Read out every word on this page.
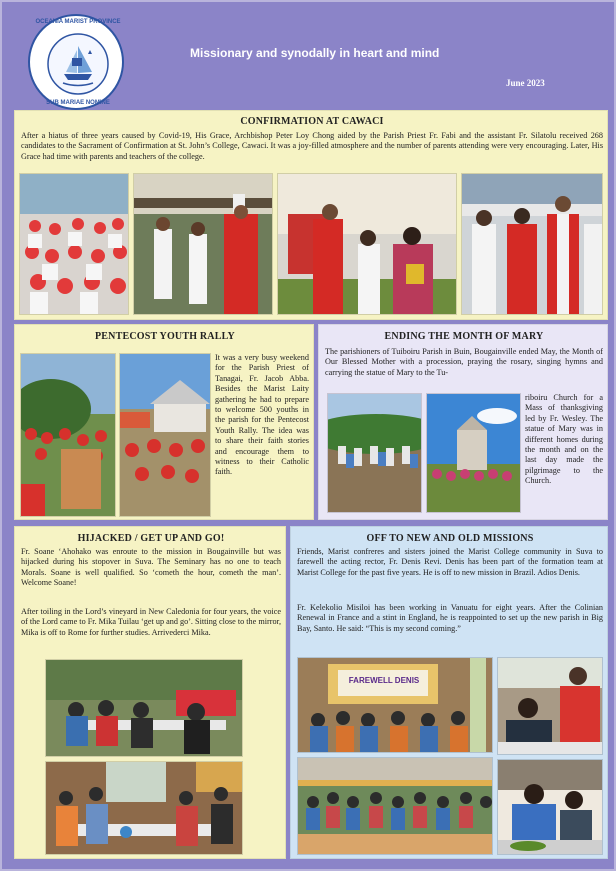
OCEANIA MARIST PROVINCE
SUB MARIAE NOMINE
Missionary and synodally in heart and mind
June 2023
CONFIRMATION AT CAWACI
After a hiatus of three years caused by Covid-19, His Grace, Archbishop Peter Loy Chong aided by the Parish Priest Fr. Fabi and the assistant Fr. Silatolu received 268 candidates to the Sacrament of Confirmation at St. John’s College, Cawaci. It was a joy-filled atmosphere and the number of parents attending were very encouraging. Later, His Grace had time with parents and teachers of the college.
PENTECOST YOUTH RALLY
It was a very busy weekend for the Parish Priest of Tanagai, Fr. Jacob Abba. Besides the Marist Laity gathering he had to prepare to welcome 500 youths in the parish for the Pentecost Youth Rally. The idea was to share their faith stories and encourage them to witness to their Catholic faith.
ENDING THE MONTH OF MARY
The parishioners of Tuiboiru Parish in Buin, Bougainville ended May, the Month of Our Blessed Mother with a procession, praying the rosary, singing hymns and carrying the statue of Mary to the Tu-
riboiru Church for a Mass of thanksgiving led by Fr. Wesley. The statue of Mary was in different homes during the month and on the last day made the pilgrimage to the Church.
HIJACKED / GET UP AND GO!
Fr. Soane ‘Ahohako was enroute to the mission in Bougainville but was hijacked during his stopover in Suva. The Seminary has no one to teach Morals. Soane is well qualified. So ‘cometh the hour, cometh the man’. Welcome Soane!
After toiling in the Lord’s vineyard in New Caledonia for four years, the voice of the Lord came to Fr. Mika Tuilau ‘get up and go’. Sitting close to the mirror, Mika is off to Rome for further studies. Arrivederci Mika.
OFF TO NEW AND OLD MISSIONS
Friends, Marist confreres and sisters joined the Marist College community in Suva to farewell the acting rector, Fr. Denis Revi. Denis has been part of the formation team at Marist College for the past five years. He is off to new mission in Brazil. Adios Denis.
Fr. Kelekolio Misiloi has been working in Vanuatu for eight years. After the Colinian Renewal in France and a stint in England, he is reappointed to set up the new parish in Big Bay, Santo. He said: “This is my second coming.”
FAREWELL DENIS
